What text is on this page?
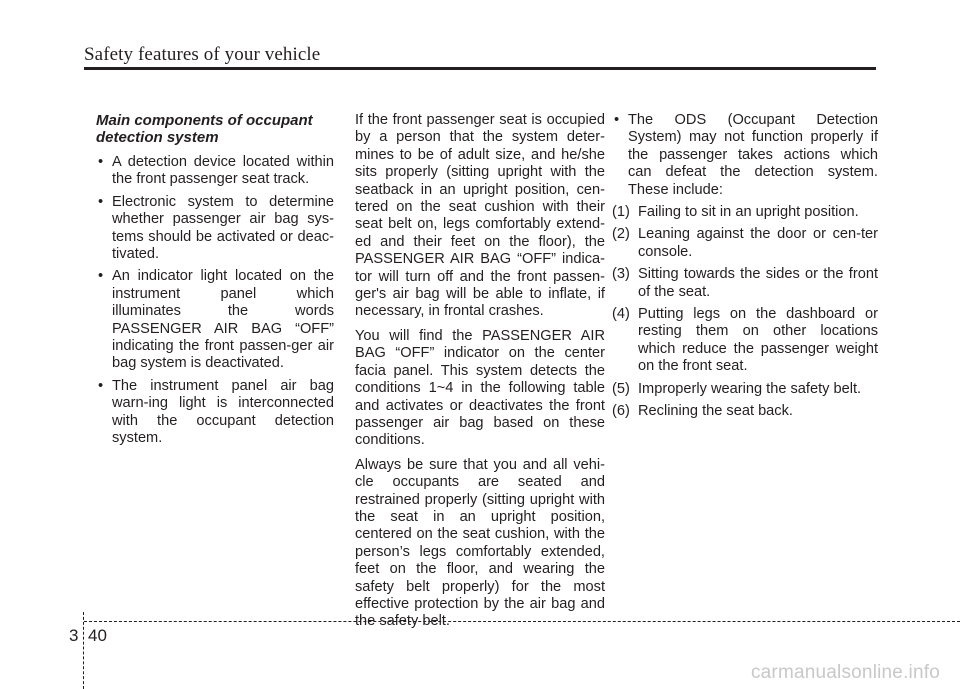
Safety features of your vehicle

Main components of occupant detection system

• A detection device located within the front passenger seat track.

• Electronic system to determine whether passenger air bag sys-tems should be activated or deac-tivated.

• An indicator light located on the instrument panel which illuminates the words PASSENGER AIR BAG “OFF” indicating the front passen-ger air bag system is deactivated.

• The instrument panel air bag warn-ing light is interconnected with the occupant detection system.

If the front passenger seat is occupied by a person that the system deter-mines to be of adult size, and he/she sits properly (sitting upright with the seatback in an upright position, cen-tered on the seat cushion with their seat belt on, legs comfortably extend-ed and their feet on the floor), the PASSENGER AIR BAG “OFF” indica-tor will turn off and the front passen-ger's air bag will be able to inflate, if necessary, in frontal crashes.

You will find the PASSENGER AIR BAG “OFF” indicator on the center facia panel. This system detects the conditions 1~4 in the following table and activates or deactivates the front passenger air bag based on these conditions.

Always be sure that you and all vehi-cle occupants are seated and restrained properly (sitting upright with the seat in an upright position, centered on the seat cushion, with the person’s legs comfortably extended, feet on the floor, and wearing the safety belt properly) for the most effective protection by the air bag and the safety belt.

• The ODS (Occupant Detection System) may not function properly if the passenger takes actions which can defeat the detection system. These include:

(1) Failing to sit in an upright position.

(2) Leaning against the door or cen-ter console.

(3) Sitting towards the sides or the front of the seat.

(4) Putting legs on the dashboard or resting them on other locations which reduce the passenger weight on the front seat.

(5) Improperly wearing the safety belt.

(6) Reclining the seat back.

3 40
carmanualsonline.info
